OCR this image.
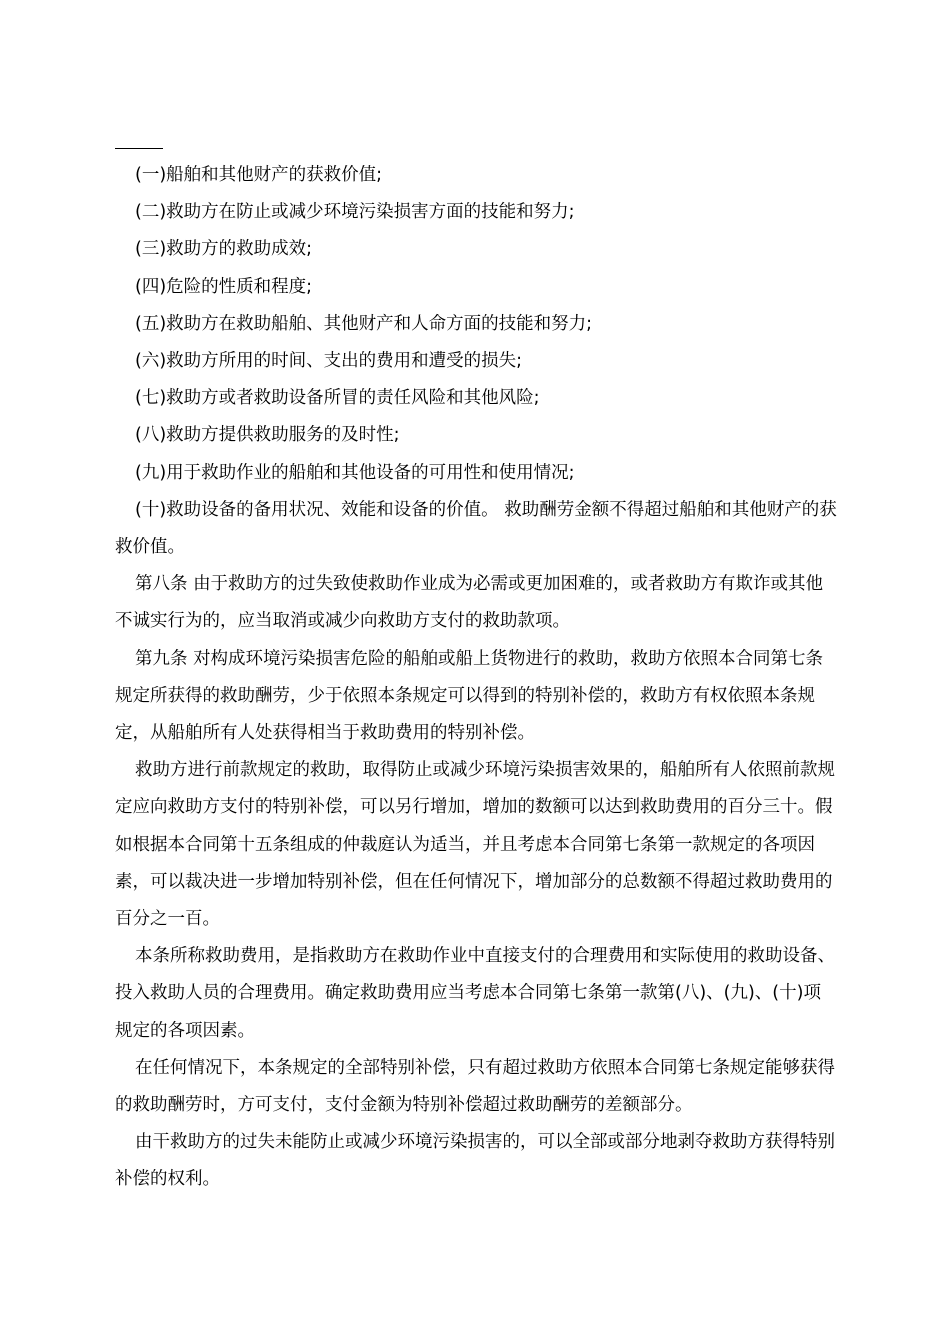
(一)船舶和其他财产的获救价值;

(二)救助方在防止或减少环境污染损害方面的技能和努力;

(三)救助方的救助成效;

(四)危险的性质和程度;

(五)救助方在救助船舶、其他财产和人命方面的技能和努力;

(六)救助方所用的时间、支出的费用和遭受的损失;

(七)救助方或者救助设备所冒的责任风险和其他风险;

(八)救助方提供救助服务的及时性;

(九)用于救助作业的船舶和其他设备的可用性和使用情况;

(十)救助设备的备用状况、效能和设备的价值。 救助酬劳金额不得超过船舶和其他财产的获救价值。

第八条 由于救助方的过失致使救助作业成为必需或更加困难的，或者救助方有欺诈或其他不诚实行为的，应当取消或减少向救助方支付的救助款项。

第九条 对构成环境污染损害危险的船舶或船上货物进行的救助，救助方依照本合同第七条规定所获得的救助酬劳，少于依照本条规定可以得到的特别补偿的，救助方有权依照本条规定，从船舶所有人处获得相当于救助费用的特别补偿。

救助方进行前款规定的救助，取得防止或减少环境污染损害效果的，船舶所有人依照前款规定应向救助方支付的特别补偿，可以另行增加，增加的数额可以达到救助费用的百分三十。假如根据本合同第十五条组成的仲裁庭认为适当，并且考虑本合同第七条第一款规定的各项因素，可以裁决进一步增加特别补偿，但在任何情况下，增加部分的总数额不得超过救助费用的百分之一百。

本条所称救助费用，是指救助方在救助作业中直接支付的合理费用和实际使用的救助设备、投入救助人员的合理费用。确定救助费用应当考虑本合同第七条第一款第(八)、(九)、(十)项规定的各项因素。

在任何情况下，本条规定的全部特别补偿，只有超过救助方依照本合同第七条规定能够获得的救助酬劳时，方可支付，支付金额为特别补偿超过救助酬劳的差额部分。

由干救助方的过失未能防止或减少环境污染损害的，可以全部或部分地剥夺救助方获得特别补偿的权利。
